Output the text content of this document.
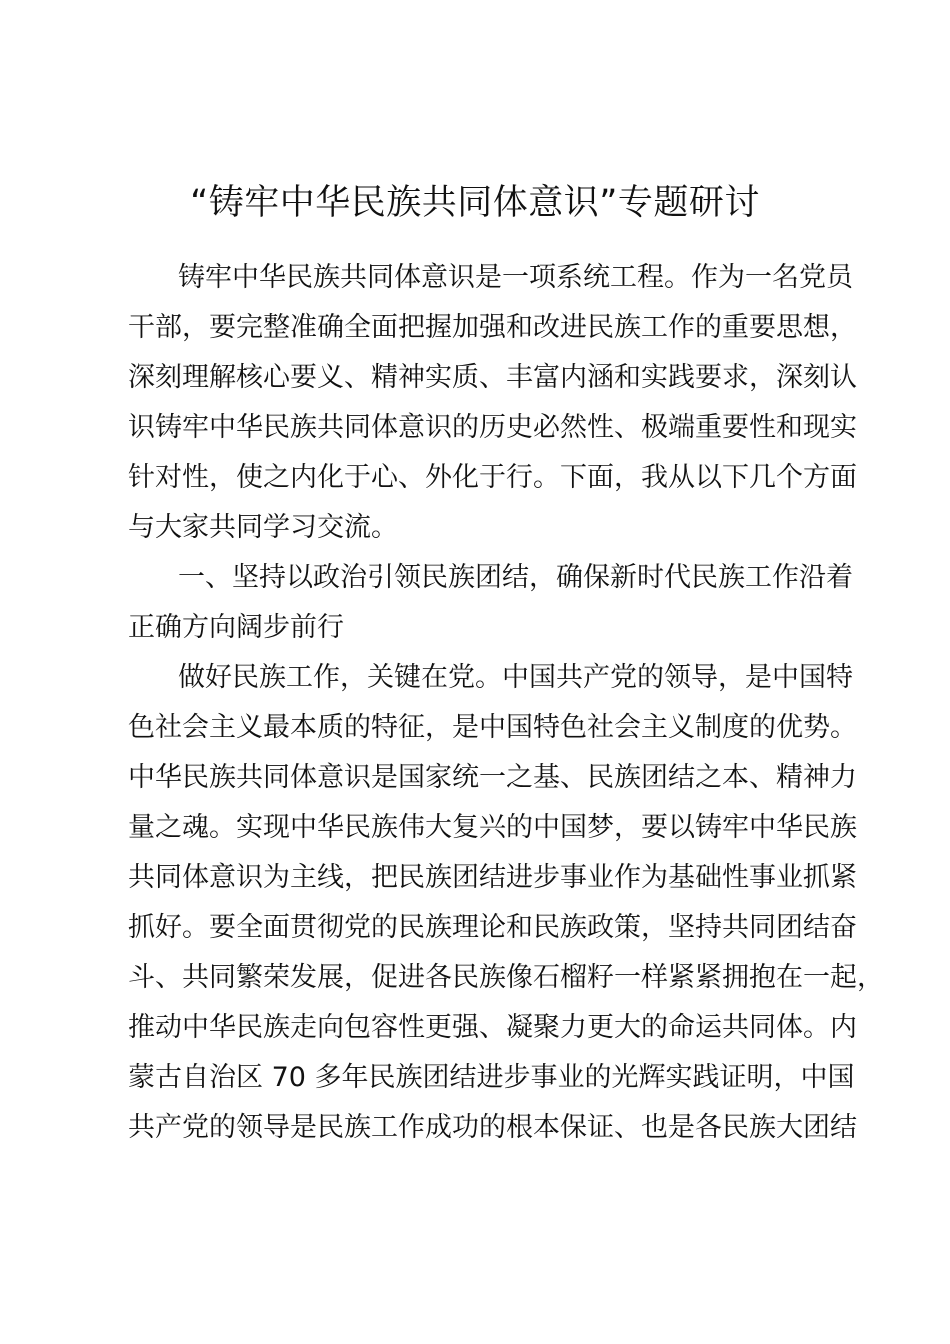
“铸牢中华民族共同体意识”专题研讨
铸牢中华民族共同体意识是一项系统工程。作为一名党员
干部，要完整准确全面把握加强和改进民族工作的重要思想，
深刻理解核心要义、精神实质、丰富内涵和实践要求，深刻认
识铸牢中华民族共同体意识的历史必然性、极端重要性和现实
针对性，使之内化于心、外化于行。下面，我从以下几个方面
与大家共同学习交流。
一、坚持以政治引领民族团结，确保新时代民族工作沿着
正确方向阔步前行
做好民族工作，关键在党。中国共产党的领导，是中国特
色社会主义最本质的特征，是中国特色社会主义制度的优势。
中华民族共同体意识是国家统一之基、民族团结之本、精神力
量之魂。实现中华民族伟大复兴的中国梦，要以铸牢中华民族
共同体意识为主线，把民族团结进步事业作为基础性事业抓紧
抓好。要全面贯彻党的民族理论和民族政策，坚持共同团结奋
斗、共同繁荣发展，促进各民族像石榴籽一样紧紧拥抱在一起，
推动中华民族走向包容性更强、凝聚力更大的命运共同体。内
蒙古自治区 70 多年民族团结进步事业的光辉实践证明，中国
共产党的领导是民族工作成功的根本保证、也是各民族大团结
